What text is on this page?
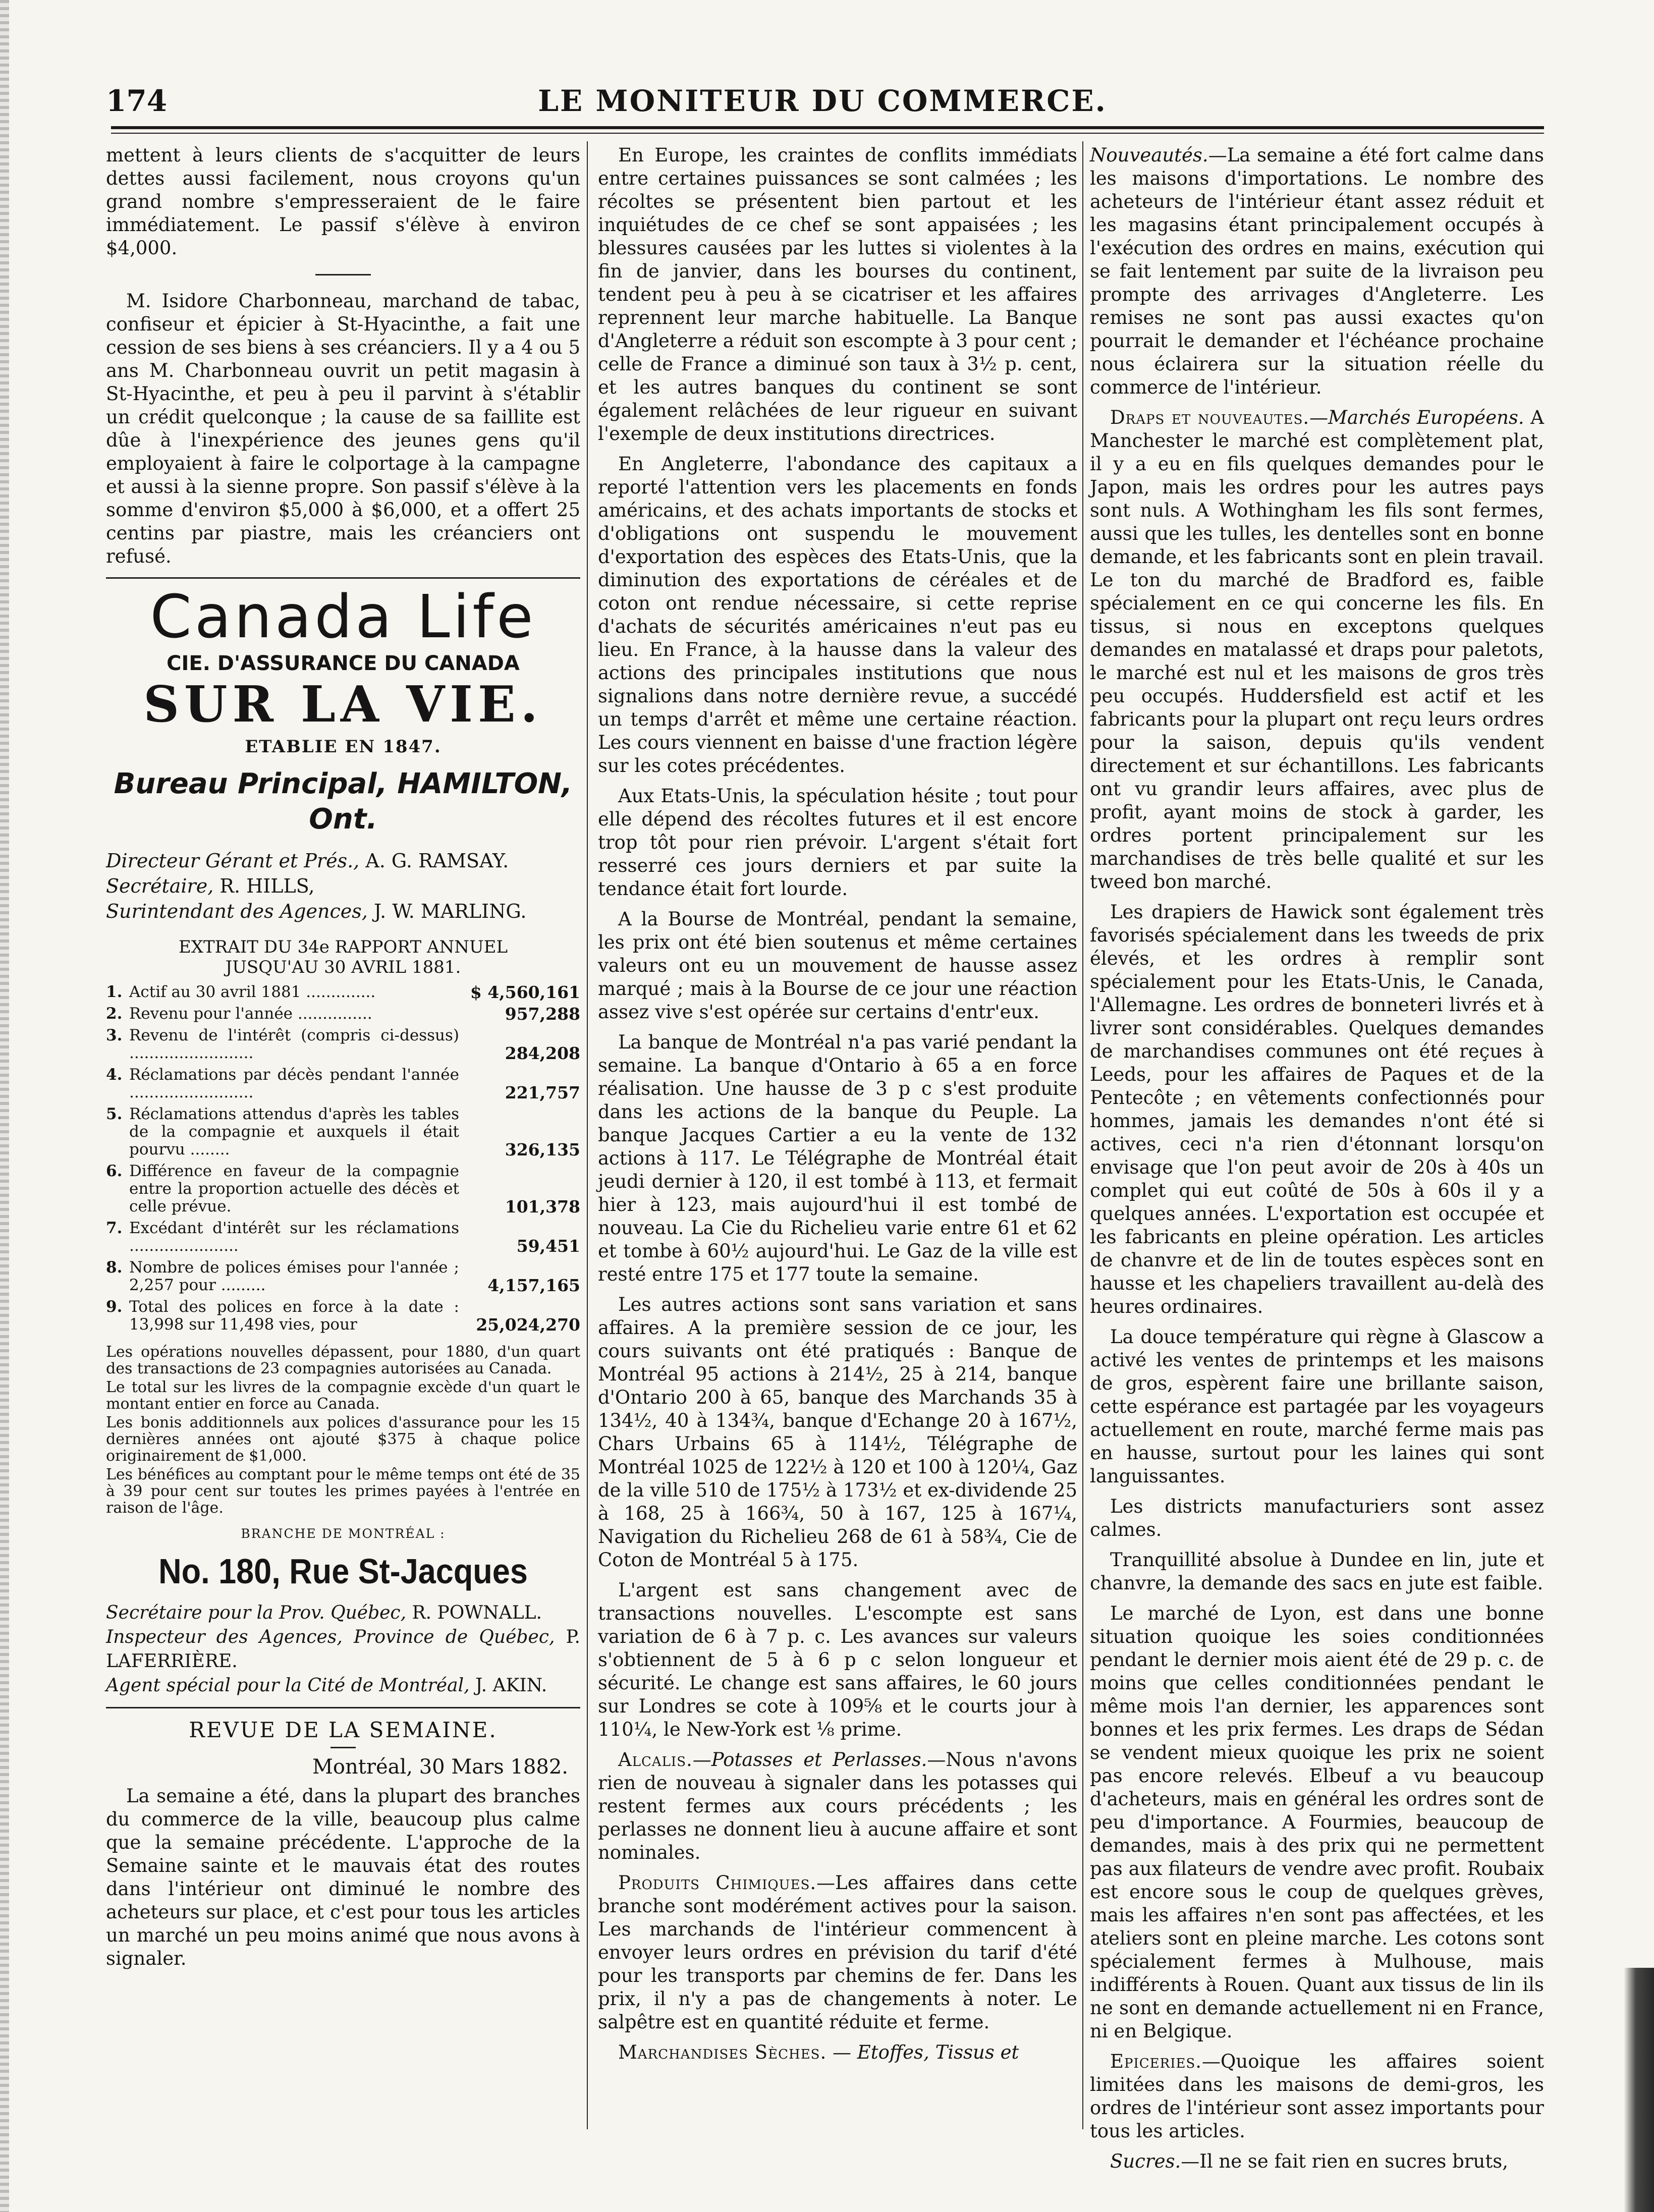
174	LE MONITEUR DU COMMERCE.

mettent à leurs clients de s'acquitter de leurs dettes aussi facilement, nous croyons qu'un grand nombre s'empresseraient de le faire immédiatement. Le passif s'élève à environ $4,000.

M. Isidore Charbonneau, marchand de tabac, confiseur et épicier à St-Hyacinthe, a fait une cession de ses biens à ses créanciers. Il y a 4 ou 5 ans M. Charbonneau ouvrit un petit magasin à St-Hyacinthe, et peu à peu il parvint à s'établir un crédit quelconque ; la cause de sa faillite est dûe à l'inexpérience des jeunes gens qu'il employaient à faire le colportage à la campagne et aussi à la sienne propre. Son passif s'élève à la somme d'environ $5,000 à $6,000, et a offert 25 centins par piastre, mais les créanciers ont refusé.

Canada Life
CIE. D'ASSURANCE DU CANADA
SUR LA VIE.
ETABLIE EN 1847.
Bureau Principal, HAMILTON, Ont.
Directeur Gérant et Prés., A. G. RAMSAY.
Secrétaire, R. HILLS,
Surintendant des Agences, J. W. MARLING.
EXTRAIT DU 34e RAPPORT ANNUEL
JUSQU'AU 30 AVRIL 1881.
1.	Actif au 30 avril 1881 ..............	$ 4,560,161
2.	Revenu pour l'année ...............	957,288
3.	Revenu de l'intérêt (compris ci-dessus) .........................	284,208
4.	Réclamations par décès pendant l'année .........................	221,757
5.	Réclamations attendus d'après les tables de la compagnie et auxquels il était pourvu ........	326,135
6.	Différence en faveur de la compagnie entre la proportion actuelle des décès et celle prévue.	101,378
7.	Excédant d'intérêt sur les réclamations ......................	59,451
8.	Nombre de polices émises pour l'année ; 2,257 pour .........	4,157,165
9.	Total des polices en force à la date : 13,998 sur 11,498 vies, pour	25,024,270

Les opérations nouvelles dépassent, pour 1880, d'un quart des transactions de 23 compagnies autorisées au Canada.

Le total sur les livres de la compagnie excède d'un quart le montant entier en force au Canada.

Les bonis additionnels aux polices d'assurance pour les 15 dernières années ont ajouté $375 à chaque police originairement de $1,000.

Les bénéfices au comptant pour le même temps ont été de 35 à 39 pour cent sur toutes les primes payées à l'entrée en raison de l'âge.

BRANCHE DE MONTRÉAL :
No. 180, Rue St-Jacques
Secrétaire pour la Prov. Québec, R. POWNALL.
Inspecteur des Agences, Province de Québec, P. LAFERRIÈRE.
Agent spécial pour la Cité de Montréal, J. AKIN.
REVUE DE LA SEMAINE.
Montréal, 30 Mars 1882.

La semaine a été, dans la plupart des branches du commerce de la ville, beaucoup plus calme que la semaine précédente. L'approche de la Semaine sainte et le mauvais état des routes dans l'intérieur ont diminué le nombre des acheteurs sur place, et c'est pour tous les articles un marché un peu moins animé que nous avons à signaler.

En Europe, les craintes de conflits immédiats entre certaines puissances se sont calmées ; les récoltes se présentent bien partout et les inquiétudes de ce chef se sont appaisées ; les blessures causées par les luttes si violentes à la fin de janvier, dans les bourses du continent, tendent peu à peu à se cicatriser et les affaires reprennent leur marche habituelle. La Banque d'Angleterre a réduit son escompte à 3 pour cent ; celle de France a diminué son taux à 3½ p. cent, et les autres banques du continent se sont également relâchées de leur rigueur en suivant l'exemple de deux institutions directrices.

En Angleterre, l'abondance des capitaux a reporté l'attention vers les placements en fonds américains, et des achats importants de stocks et d'obligations ont suspendu le mouvement d'exportation des espèces des Etats-Unis, que la diminution des exportations de céréales et de coton ont rendue nécessaire, si cette reprise d'achats de sécurités américaines n'eut pas eu lieu. En France, à la hausse dans la valeur des actions des principales institutions que nous signalions dans notre dernière revue, a succédé un temps d'arrêt et même une certaine réaction. Les cours viennent en baisse d'une fraction légère sur les cotes précédentes.

Aux Etats-Unis, la spéculation hésite ; tout pour elle dépend des récoltes futures et il est encore trop tôt pour rien prévoir. L'argent s'était fort resserré ces jours derniers et par suite la tendance était fort lourde.

A la Bourse de Montréal, pendant la semaine, les prix ont été bien soutenus et même certaines valeurs ont eu un mouvement de hausse assez marqué ; mais à la Bourse de ce jour une réaction assez vive s'est opérée sur certains d'entr'eux.

La banque de Montréal n'a pas varié pendant la semaine. La banque d'Ontario à 65 a en force réalisation. Une hausse de 3 p c s'est produite dans les actions de la banque du Peuple. La banque Jacques Cartier a eu la vente de 132 actions à 117. Le Télégraphe de Montréal était jeudi dernier à 120, il est tombé à 113, et fermait hier à 123, mais aujourd'hui il est tombé de nouveau. La Cie du Richelieu varie entre 61 et 62 et tombe à 60½ aujourd'hui. Le Gaz de la ville est resté entre 175 et 177 toute la semaine.

Les autres actions sont sans variation et sans affaires. A la première session de ce jour, les cours suivants ont été pratiqués : Banque de Montréal 95 actions à 214½, 25 à 214, banque d'Ontario 200 à 65, banque des Marchands 35 à 134½, 40 à 134¾, banque d'Echange 20 à 167½, Chars Urbains 65 à 114½, Télégraphe de Montréal 1025 de 122½ à 120 et 100 à 120¼, Gaz de la ville 510 de 175½ à 173½ et ex-dividende 25 à 168, 25 à 166¾, 50 à 167, 125 à 167¼, Navigation du Richelieu 268 de 61 à 58¾, Cie de Coton de Montréal 5 à 175.

L'argent est sans changement avec de transactions nouvelles. L'escompte est sans variation de 6 à 7 p. c. Les avances sur valeurs s'obtiennent de 5 à 6 p c selon longueur et sécurité. Le change est sans affaires, le 60 jours sur Londres se cote à 109⅝ et le courts jour à 110¼, le New-York est ⅛ prime.

Alcalis.—Potasses et Perlasses.—Nous n'avons rien de nouveau à signaler dans les potasses qui restent fermes aux cours précédents ; les perlasses ne donnent lieu à aucune affaire et sont nominales.

Produits Chimiques.—Les affaires dans cette branche sont modérément actives pour la saison. Les marchands de l'intérieur commencent à envoyer leurs ordres en prévision du tarif d'été pour les transports par chemins de fer. Dans les prix, il n'y a pas de changements à noter. Le salpêtre est en quantité réduite et ferme.

Marchandises Sèches. — Etoffes, Tissus et

Nouveautés.—La semaine a été fort calme dans les maisons d'importations. Le nombre des acheteurs de l'intérieur étant assez réduit et les magasins étant principalement occupés à l'exécution des ordres en mains, exécution qui se fait lentement par suite de la livraison peu prompte des arrivages d'Angleterre. Les remises ne sont pas aussi exactes qu'on pourrait le demander et l'échéance prochaine nous éclairera sur la situation réelle du commerce de l'intérieur.

Draps et nouveautes.—Marchés Européens. A Manchester le marché est complètement plat, il y a eu en fils quelques demandes pour le Japon, mais les ordres pour les autres pays sont nuls. A Wothingham les fils sont fermes, aussi que les tulles, les dentelles sont en bonne demande, et les fabricants sont en plein travail. Le ton du marché de Bradford es, faible spécialement en ce qui concerne les fils. En tissus, si nous en exceptons quelques demandes en matalassé et draps pour paletots, le marché est nul et les maisons de gros très peu occupés. Huddersfield est actif et les fabricants pour la plupart ont reçu leurs ordres pour la saison, depuis qu'ils vendent directement et sur échantillons. Les fabricants ont vu grandir leurs affaires, avec plus de profit, ayant moins de stock à garder, les ordres portent principalement sur les marchandises de très belle qualité et sur les tweed bon marché.

Les drapiers de Hawick sont également très favorisés spécialement dans les tweeds de prix élevés, et les ordres à remplir sont spécialement pour les Etats-Unis, le Canada, l'Allemagne. Les ordres de bonneteri livrés et à livrer sont considérables. Quelques demandes de marchandises communes ont été reçues à Leeds, pour les affaires de Paques et de la Pentecôte ; en vêtements confectionnés pour hommes, jamais les demandes n'ont été si actives, ceci n'a rien d'étonnant lorsqu'on envisage que l'on peut avoir de 20s à 40s un complet qui eut coûté de 50s à 60s il y a quelques années. L'exportation est occupée et les fabricants en pleine opération. Les articles de chanvre et de lin de toutes espèces sont en hausse et les chapeliers travaillent au-delà des heures ordinaires.

La douce température qui règne à Glascow a activé les ventes de printemps et les maisons de gros, espèrent faire une brillante saison, cette espérance est partagée par les voyageurs actuellement en route, marché ferme mais pas en hausse, surtout pour les laines qui sont languissantes.

Les districts manufacturiers sont assez calmes.

Tranquillité absolue à Dundee en lin, jute et chanvre, la demande des sacs en jute est faible.

Le marché de Lyon, est dans une bonne situation quoique les soies conditionnées pendant le dernier mois aient été de 29 p. c. de moins que celles conditionnées pendant le même mois l'an dernier, les apparences sont bonnes et les prix fermes. Les draps de Sédan se vendent mieux quoique les prix ne soient pas encore relevés. Elbeuf a vu beaucoup d'acheteurs, mais en général les ordres sont de peu d'importance. A Fourmies, beaucoup de demandes, mais à des prix qui ne permettent pas aux filateurs de vendre avec profit. Roubaix est encore sous le coup de quelques grèves, mais les affaires n'en sont pas affectées, et les ateliers sont en pleine marche. Les cotons sont spécialement fermes à Mulhouse, mais indifférents à Rouen. Quant aux tissus de lin ils ne sont en demande actuellement ni en France, ni en Belgique.

Epiceries.—Quoique les affaires soient limitées dans les maisons de demi-gros, les ordres de l'intérieur sont assez importants pour tous les articles.

Sucres.—Il ne se fait rien en sucres bruts,
